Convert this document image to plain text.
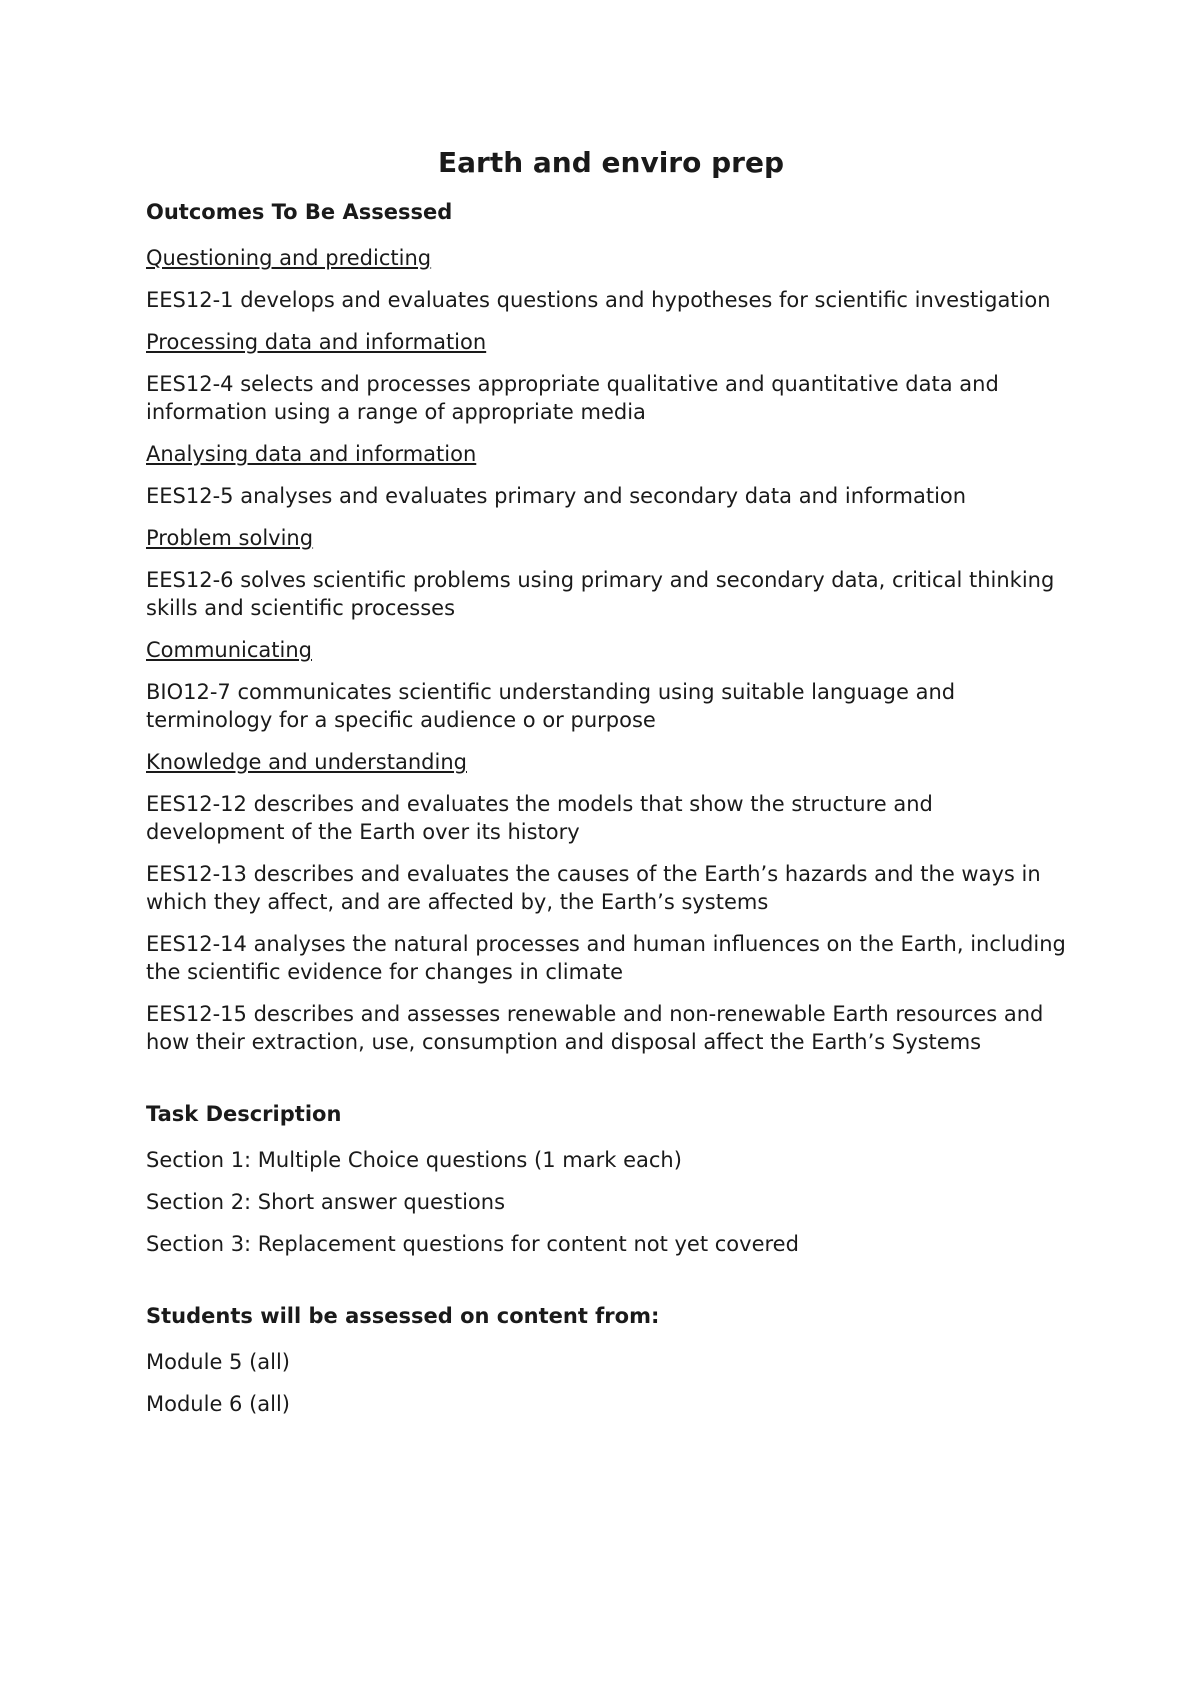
Earth and enviro prep
Outcomes To Be Assessed
Questioning and predicting
EES12-1 develops and evaluates questions and hypotheses for scientific investigation
Processing data and information
EES12-4 selects and processes appropriate qualitative and quantitative data and information using a range of appropriate media
Analysing data and information
EES12-5 analyses and evaluates primary and secondary data and information
Problem solving
EES12-6 solves scientific problems using primary and secondary data, critical thinking skills and scientific processes
Communicating
BIO12-7 communicates scientific understanding using suitable language and terminology for a specific audience o or purpose
Knowledge and understanding
EES12-12 describes and evaluates the models that show the structure and development of the Earth over its history
EES12-13 describes and evaluates the causes of the Earth’s hazards and the ways in which they affect, and are affected by, the Earth’s systems
EES12-14 analyses the natural processes and human influences on the Earth, including the scientific evidence for changes in climate
EES12-15 describes and assesses renewable and non-renewable Earth resources and how their extraction, use, consumption and disposal affect the Earth’s Systems
Task Description
Section 1: Multiple Choice questions (1 mark each)
Section 2: Short answer questions
Section 3: Replacement questions for content not yet covered
Students will be assessed on content from:
Module 5 (all)
Module 6 (all)
